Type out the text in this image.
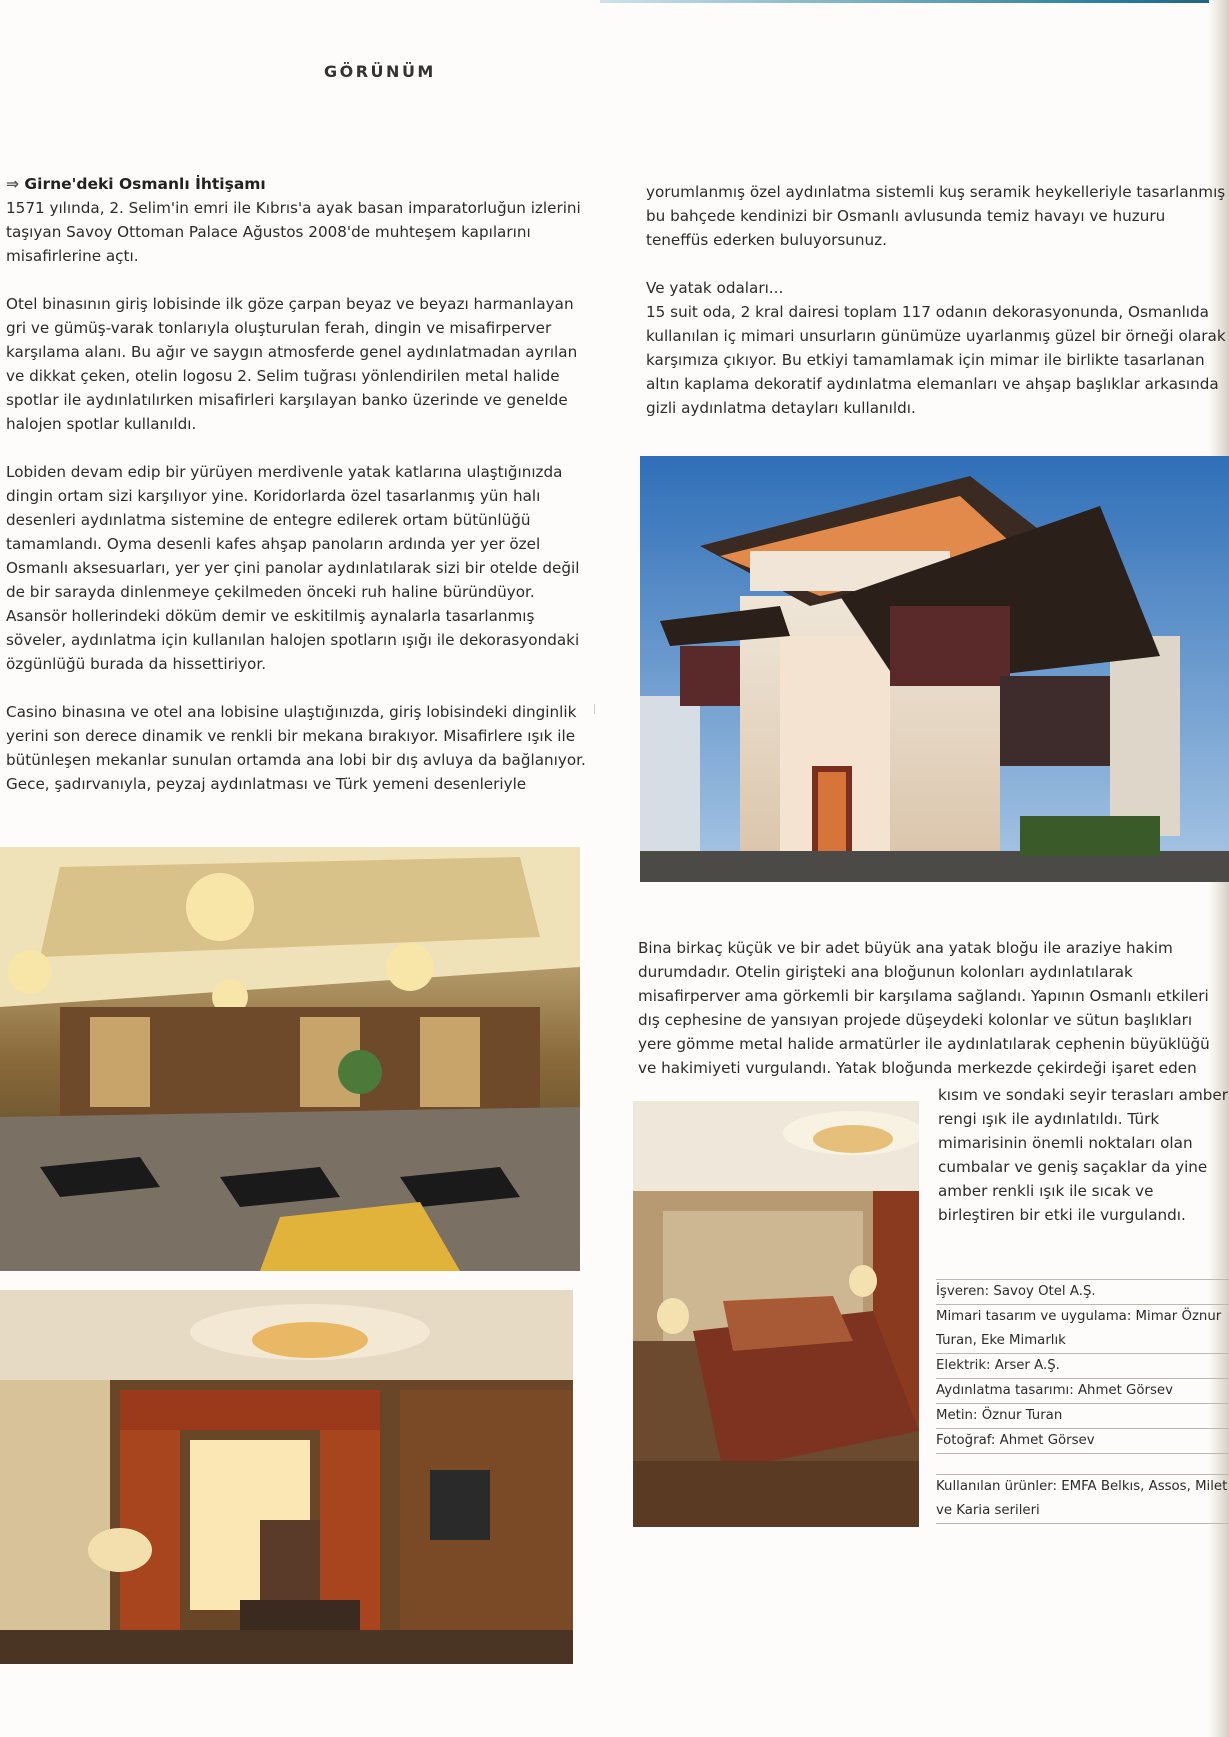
GÖRÜNÜM
⇒ Girne'deki Osmanlı İhtişamı

1571 yılında, 2. Selim'in emri ile Kıbrıs'a ayak basan imparatorluğun izlerini taşıyan Savoy Ottoman Palace Ağustos 2008'de muhteşem kapılarını misafirlerine açtı.

Otel binasının giriş lobisinde ilk göze çarpan beyaz ve beyazı harmanlayan gri ve gümüş-varak tonlarıyla oluşturulan ferah, dingin ve misafirperver karşılama alanı. Bu ağır ve saygın atmosferde genel aydınlatmadan ayrılan ve dikkat çeken, otelin logosu 2. Selim tuğrası yönlendirilen metal halide spotlar ile aydınlatılırken misafirleri karşılayan banko üzerinde ve genelde halojen spotlar kullanıldı.

Lobiden devam edip bir yürüyen merdivenle yatak katlarına ulaştığınızda dingin ortam sizi karşılıyor yine. Koridorlarda özel tasarlanmış yün halı desenleri aydınlatma sistemine de entegre edilerek ortam bütünlüğü tamamlandı. Oyma desenli kafes ahşap panoların ardında yer yer özel Osmanlı aksesuarları, yer yer çini panolar aydınlatılarak sizi bir otelde değil de bir sarayda dinlenmeye çekilmeden önceki ruh haline büründüyor. Asansör hollerindeki döküm demir ve eskitilmiş aynalarla tasarlanmış söveler, aydınlatma için kullanılan halojen spotların ışığı ile dekorasyondaki özgünlüğü burada da hissettiriyor.

Casino binasına ve otel ana lobisine ulaştığınızda, giriş lobisindeki dinginlik yerini son derece dinamik ve renkli bir mekana bırakıyor. Misafirlere ışık ile bütünleşen mekanlar sunulan ortamda ana lobi bir dış avluya da bağlanıyor. Gece, şadırvanıyla, peyzaj aydınlatması ve Türk yemeni desenleriyle

yorumlanmış özel aydınlatma sistemli kuş seramik heykelleriyle tasarlanmış bu bahçede kendinizi bir Osmanlı avlusunda temiz havayı ve huzuru teneffüs ederken buluyorsunuz.

Ve yatak odaları...

15 suit oda, 2 kral dairesi toplam 117 odanın dekorasyonunda, Osmanlıda kullanılan iç mimari unsurların günümüze uyarlanmış güzel bir örneği olarak karşımıza çıkıyor. Bu etkiyi tamamlamak için mimar ile birlikte tasarlanan altın kaplama dekoratif aydınlatma elemanları ve ahşap başlıklar arkasında gizli aydınlatma detayları kullanıldı.

Bina birkaç küçük ve bir adet büyük ana yatak bloğu ile araziye hakim durumdadır. Otelin girişteki ana bloğunun kolonları aydınlatılarak misafirperver ama görkemli bir karşılama sağlandı. Yapının Osmanlı etkileri dış cephesine de yansıyan projede düşeydeki kolonlar ve sütun başlıkları yere gömme metal halide armatürler ile aydınlatılarak cephenin büyüklüğü ve hakimiyeti vurgulandı. Yatak bloğunda merkezde çekirdeği işaret eden
kısım ve sondaki seyir terasları amber rengi ışık ile aydınlatıldı. Türk mimarisinin önemli noktaları olan cumbalar ve geniş saçaklar da yine amber renkli ışık ile sıcak ve birleştiren bir etki ile vurgulandı.
İşveren: Savoy Otel A.Ş.
Mimari tasarım ve uygulama: Mimar Öznur Turan, Eke Mimarlık
Elektrik: Arser A.Ş.
Aydınlatma tasarımı: Ahmet Görsev
Metin: Öznur Turan
Fotoğraf: Ahmet Görsev
Kullanılan ürünler: EMFA Belkıs, Assos, Milet ve Karia serileri
